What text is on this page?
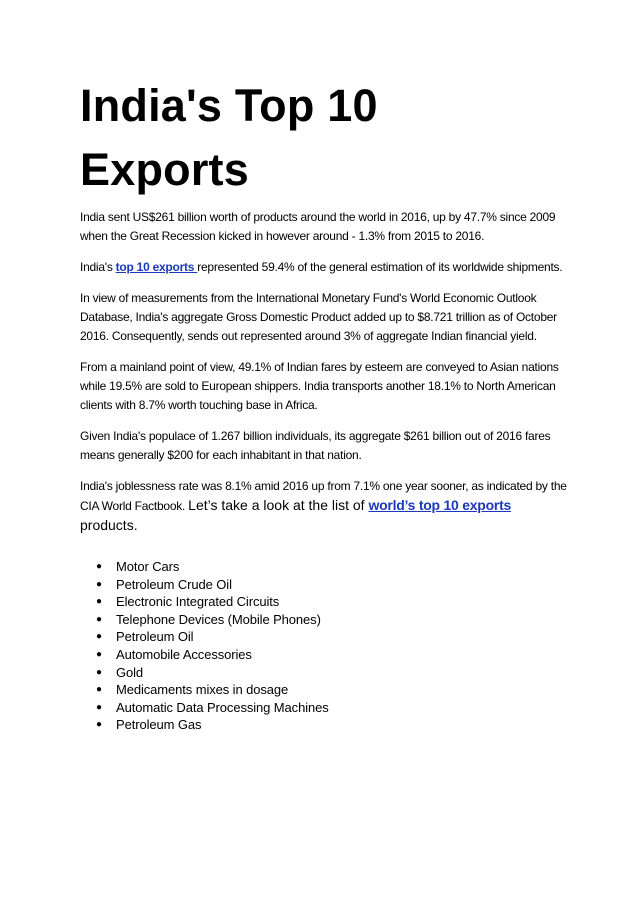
India's Top 10
Exports

India sent US$261 billion worth of products around the world in 2016, up by 47.7% since 2009 when the Great Recession kicked in however around - 1.3% from 2015 to 2016.

India's top 10 exports represented 59.4% of the general estimation of its worldwide shipments.

In view of measurements from the International Monetary Fund's World Economic Outlook Database, India's aggregate Gross Domestic Product added up to $8.721 trillion as of October 2016. Consequently, sends out represented around 3% of aggregate Indian financial yield.

From a mainland point of view, 49.1% of Indian fares by esteem are conveyed to Asian nations while 19.5% are sold to European shippers. India transports another 18.1% to North American clients with 8.7% worth touching base in Africa.

Given India's populace of 1.267 billion individuals, its aggregate $261 billion out of 2016 fares means generally $200 for each inhabitant in that nation.

India's joblessness rate was 8.1% amid 2016 up from 7.1% one year sooner, as indicated by the CIA World Factbook. Let’s take a look at the list of world’s top 10 exports
products.

● Motor Cars
● Petroleum Crude Oil
● Electronic Integrated Circuits
● Telephone Devices (Mobile Phones)
● Petroleum Oil
● Automobile Accessories
● Gold
● Medicaments mixes in dosage
● Automatic Data Processing Machines
● Petroleum Gas
